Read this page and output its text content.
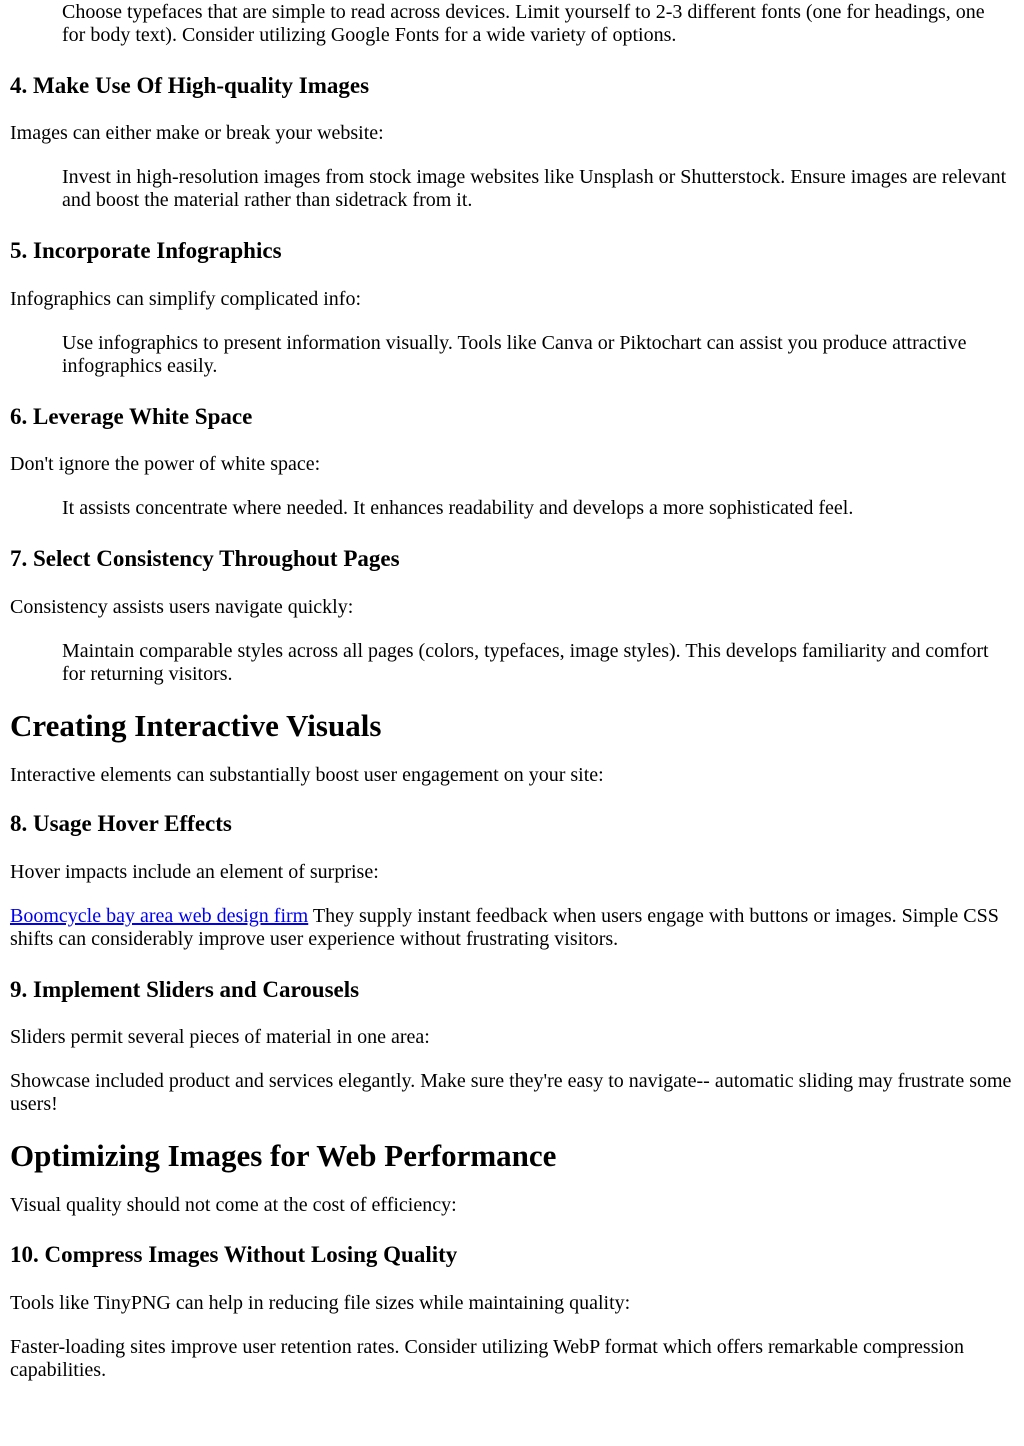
Choose typefaces that are simple to read across devices. Limit yourself to 2-3 different fonts (one for headings, one for body text). Consider utilizing Google Fonts for a wide variety of options.

4. Make Use Of High-quality Images

Images can either make or break your website:

Invest in high-resolution images from stock image websites like Unsplash or Shutterstock. Ensure images are relevant and boost the material rather than sidetrack from it.

5. Incorporate Infographics

Infographics can simplify complicated info:

Use infographics to present information visually. Tools like Canva or Piktochart can assist you produce attractive infographics easily.

6. Leverage White Space

Don't ignore the power of white space:

It assists concentrate where needed. It enhances readability and develops a more sophisticated feel.

7. Select Consistency Throughout Pages

Consistency assists users navigate quickly:

Maintain comparable styles across all pages (colors, typefaces, image styles). This develops familiarity and comfort for returning visitors.

Creating Interactive Visuals

Interactive elements can substantially boost user engagement on your site:

8. Usage Hover Effects

Hover impacts include an element of surprise:

Boomcycle bay area web design firm They supply instant feedback when users engage with buttons or images. Simple CSS shifts can considerably improve user experience without frustrating visitors.

9. Implement Sliders and Carousels

Sliders permit several pieces of material in one area:

Showcase included product and services elegantly. Make sure they're easy to navigate-- automatic sliding may frustrate some users!

Optimizing Images for Web Performance

Visual quality should not come at the cost of efficiency:

10. Compress Images Without Losing Quality

Tools like TinyPNG can help in reducing file sizes while maintaining quality:

Faster-loading sites improve user retention rates. Consider utilizing WebP format which offers remarkable compression capabilities.
